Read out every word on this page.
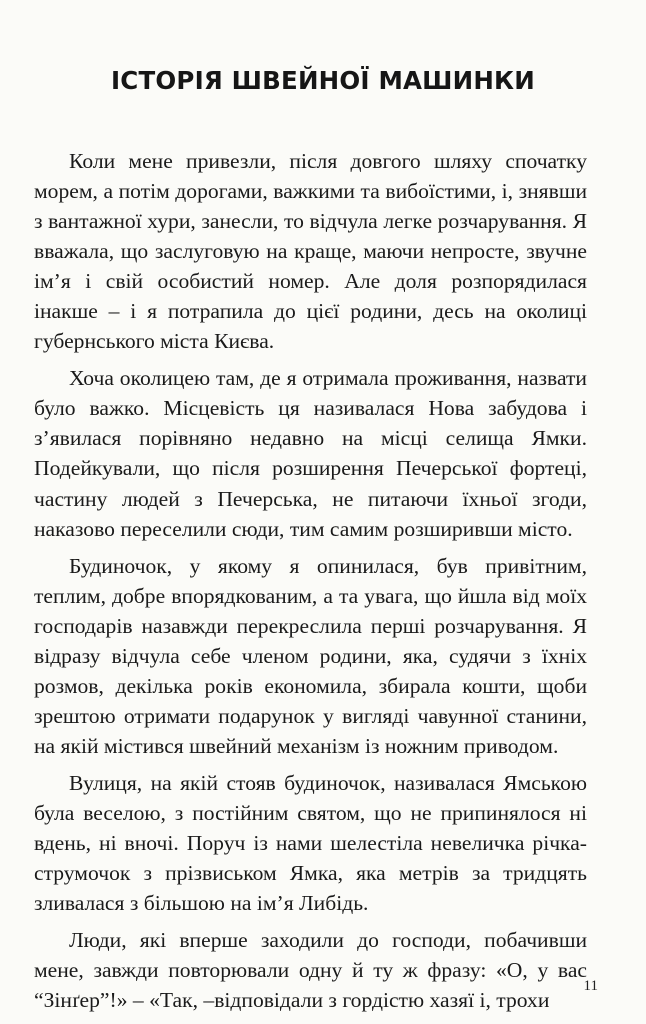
ІСТОРІЯ ШВЕЙНОЇ МАШИНКИ

Коли мене привезли, після довгого шляху спочатку морем, а потім дорогами, важкими та вибоїстими, і, знявши з вантажної хури, занесли, то відчула легке розчарування. Я вважала, що заслуговую на краще, маючи непросте, звучне ім’я і свій особистий номер. Але доля розпорядилася інакше – і я потрапила до цієї родини, десь на околиці губернського міста Києва.

Хоча околицею там, де я отримала проживання, назвати було важко. Місцевість ця називалася Нова забудова і з’явилася порівняно недавно на місці селища Ямки. Подейкували, що після розширення Печерської фортеці, частину людей з Печерська, не питаючи їхньої згоди, наказово переселили сюди, тим самим розширивши місто.

Будиночок, у якому я опинилася, був привітним, теплим, добре впорядкованим, а та увага, що йшла від моїх господарів назавжди перекреслила перші розчарування. Я відразу відчула себе членом родини, яка, судячи з їхніх розмов, декілька років економила, збирала кошти, щоби зрештою отримати подарунок у вигляді чавунної станини, на якій містився швейний механізм із ножним приводом.

Вулиця, на якій стояв будиночок, називалася Ямською була веселою, з постійним святом, що не припинялося ні вдень, ні вночі. Поруч із нами шелестіла невеличка річка-струмочок з прізвиськом Ямка, яка метрів за тридцять зливалася з більшою на ім’я Либідь.

Люди, які вперше заходили до господи, побачивши мене, завжди повторювали одну й ту ж фразу: «О, у вас “Зінґер”!» – «Так, –відповідали з гордістю хазяї і, трохи

11
